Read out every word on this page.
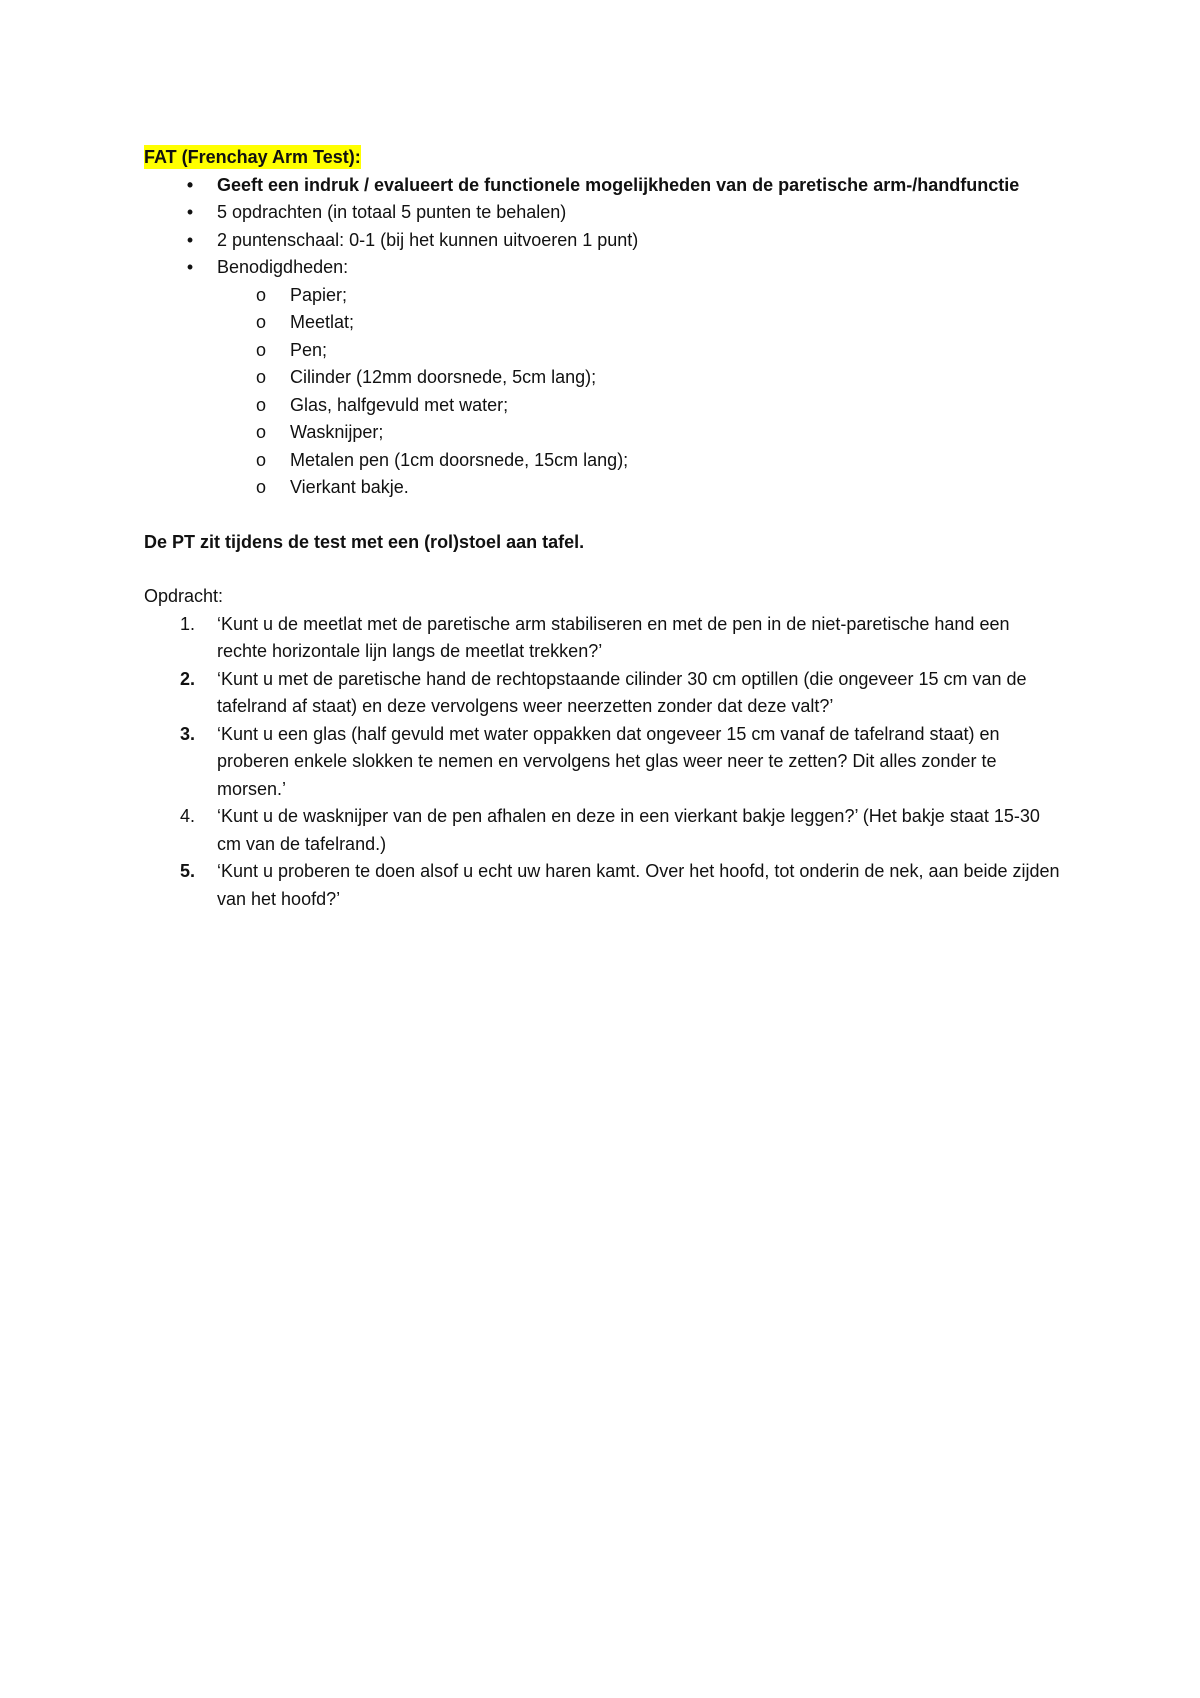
FAT (Frenchay Arm Test):
• Geeft een indruk / evalueert de functionele mogelijkheden van de paretische arm-/handfunctie
• 5 opdrachten (in totaal 5 punten te behalen)
• 2 puntenschaal: 0-1 (bij het kunnen uitvoeren 1 punt)
• Benodigdheden:
o Papier;
o Meetlat;
o Pen;
o Cilinder (12mm doorsnede, 5cm lang);
o Glas, halfgevuld met water;
o Wasknijper;
o Metalen pen (1cm doorsnede, 15cm lang);
o Vierkant bakje.
De PT zit tijdens de test met een (rol)stoel aan tafel.
Opdracht:
1. ‘Kunt u de meetlat met de paretische arm stabiliseren en met de pen in de niet-paretische hand een rechte horizontale lijn langs de meetlat trekken?’
2. ‘Kunt u met de paretische hand de rechtopstaande cilinder 30 cm optillen (die ongeveer 15 cm van de tafelrand af staat) en deze vervolgens weer neerzetten zonder dat deze valt?’
3. ‘Kunt u een glas (half gevuld met water oppakken dat ongeveer 15 cm vanaf de tafelrand staat) en proberen enkele slokken te nemen en vervolgens het glas weer neer te zetten? Dit alles zonder te morsen.’
4. ‘Kunt u de wasknijper van de pen afhalen en deze in een vierkant bakje leggen?’ (Het bakje staat 15-30 cm van de tafelrand.)
5. ‘Kunt u proberen te doen alsof u echt uw haren kamt. Over het hoofd, tot onderin de nek, aan beide zijden van het hoofd?’
